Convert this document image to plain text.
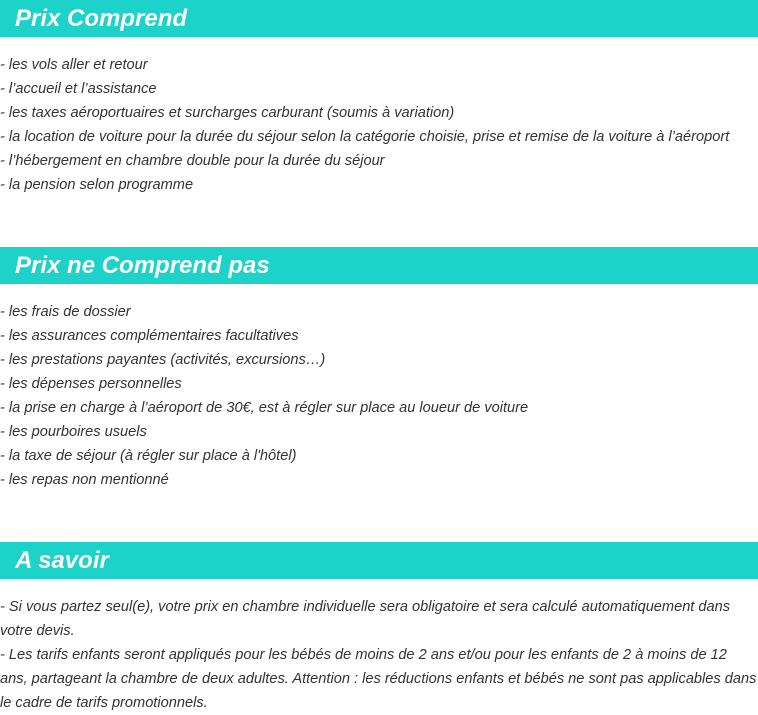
Prix Comprend
- les vols aller et retour
- l’accueil et l’assistance
- les taxes aéroportuaires et surcharges carburant (soumis à variation)
- la location de voiture pour la durée du séjour selon la catégorie choisie, prise et remise de la voiture à l’aéroport
- l’hébergement en chambre double pour la durée du séjour
- la pension selon programme
Prix ne Comprend pas
- les frais de dossier
- les assurances complémentaires facultatives
- les prestations payantes (activités, excursions…)
- les dépenses personnelles
- la prise en charge à l’aéroport de 30€, est à régler sur place au loueur de voiture
- les pourboires usuels
- la taxe de séjour (à régler sur place à l'hôtel)
- les repas non mentionné
A savoir

- Si vous partez seul(e), votre prix en chambre individuelle sera obligatoire et sera calculé automatiquement dans votre devis.

- Les tarifs enfants seront appliqués pour les bébés de moins de 2 ans et/ou pour les enfants de 2 à moins de 12 ans, partageant la chambre de deux adultes. Attention : les réductions enfants et bébés ne sont pas applicables dans le cadre de tarifs promotionnels.
